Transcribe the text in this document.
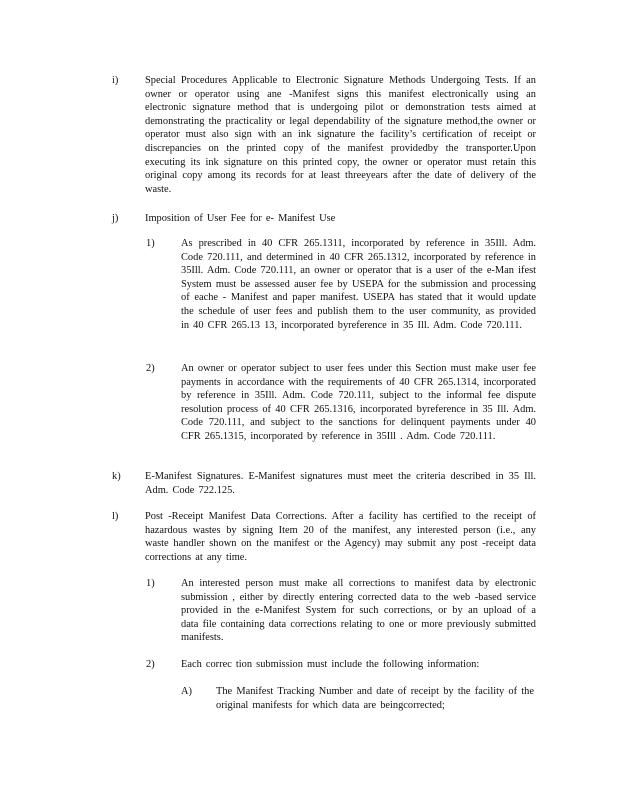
i)	Special Procedures Applicable to Electronic Signature Methods Undergoing Tests. If an owner or operator using ane -Manifest signs this manifest electronically using an electronic signature method that is undergoing pilot or demonstration tests aimed at demonstrating the practicality or legal dependability of the signature method,the owner or operator must also sign with an ink signature the facility’s certification of receipt or discrepancies on the printed copy of the manifest providedby the transporter.Upon executing its ink signature on this printed copy, the owner or operator must retain this original copy among its records for at least threeyears after the date of delivery of the waste.
j)	Imposition of User Fee for e- Manifest Use
1)	As prescribed in 40 CFR 265.1311, incorporated by reference in 35Ill. Adm. Code 720.111, and determined in 40 CFR 265.1312, incorporated by reference in 35Ill. Adm. Code 720.111, an owner or operator that is a user of the e-Man ifest System must be assessed auser fee by USEPA for the submission and processing of eache - Manifest and paper manifest. USEPA has stated that it would update the schedule of user fees and publish them to the user community, as provided in 40 CFR 265.13 13, incorporated byreference in 35 Ill. Adm. Code 720.111.
2)	An owner or operator subject to user fees under this Section must make user fee payments in accordance with the requirements of 40 CFR 265.1314, incorporated by reference in 35Ill. Adm. Code 720.111, subject to the informal fee dispute resolution process of 40 CFR 265.1316, incorporated byreference in 35 Ill. Adm. Code 720.111, and subject to the sanctions for delinquent payments under 40 CFR 265.1315, incorporated by reference in 35Ill . Adm. Code 720.111.
k) E-Manifest Signatures. E-Manifest signatures must meet the criteria described in 35 Ill. Adm. Code 722.125.
l)	Post -Receipt Manifest Data Corrections. After a facility has certified to the receipt of hazardous wastes by signing Item 20 of the manifest, any interested person (i.e., any waste handler shown on the manifest or the Agency) may submit any post -receipt data corrections at any time.
1)	An interested person must make all corrections to manifest data by electronic submission , either by directly entering corrected data to the web -based service provided in the e-Manifest System for such corrections, or by an upload of a data file containing data corrections relating to one or more previously submitted manifests.
2)	Each correc tion submission must include the following information:
A) The Manifest Tracking Number and date of receipt by the facility of the original manifests for which data are beingcorrected;
